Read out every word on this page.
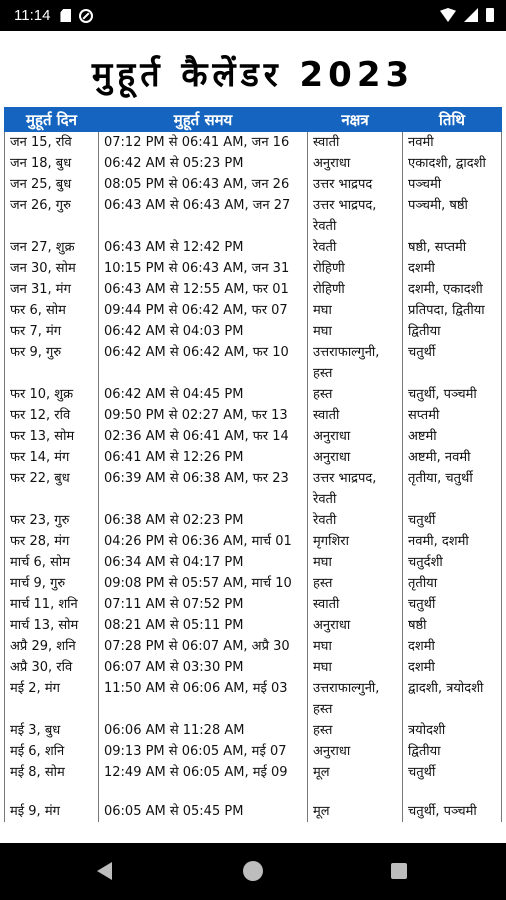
11:14
मुहूर्त कैलेंडर 2023
मुहूर्त दिन	मुहूर्त समय	नक्षत्र	तिथि
जन 15, रवि	07:12 PM से 06:41 AM, जन 16	स्वाती	नवमी
जन 18, बुध	06:42 AM से 05:23 PM	अनुराधा	एकादशी, द्वादशी
जन 25, बुध	08:05 PM से 06:43 AM, जन 26	उत्तर भाद्रपद	पञ्चमी
जन 26, गुरु	06:43 AM से 06:43 AM, जन 27	उत्तर भाद्रपद, रेवती	पञ्चमी, षष्ठी
जन 27, शुक्र	06:43 AM से 12:42 PM	रेवती	षष्ठी, सप्तमी
जन 30, सोम	10:15 PM से 06:43 AM, जन 31	रोहिणी	दशमी
जन 31, मंग	06:43 AM से 12:55 AM, फर 01	रोहिणी	दशमी, एकादशी
फर 6, सोम	09:44 PM से 06:42 AM, फर 07	मघा	प्रतिपदा, द्वितीया
फर 7, मंग	06:42 AM से 04:03 PM	मघा	द्वितीया
फर 9, गुरु	06:42 AM से 06:42 AM, फर 10	उत्तराफाल्गुनी, हस्त	चतुर्थी
फर 10, शुक्र	06:42 AM से 04:45 PM	हस्त	चतुर्थी, पञ्चमी
फर 12, रवि	09:50 PM से 02:27 AM, फर 13	स्वाती	सप्तमी
फर 13, सोम	02:36 AM से 06:41 AM, फर 14	अनुराधा	अष्टमी
फर 14, मंग	06:41 AM से 12:26 PM	अनुराधा	अष्टमी, नवमी
फर 22, बुध	06:39 AM से 06:38 AM, फर 23	उत्तर भाद्रपद, रेवती	तृतीया, चतुर्थी
फर 23, गुरु	06:38 AM से 02:23 PM	रेवती	चतुर्थी
फर 28, मंग	04:26 PM से 06:36 AM, मार्च 01	मृगशिरा	नवमी, दशमी
मार्च 6, सोम	06:34 AM से 04:17 PM	मघा	चतुर्दशी
मार्च 9, गुरु	09:08 PM से 05:57 AM, मार्च 10	हस्त	तृतीया
मार्च 11, शनि	07:11 AM से 07:52 PM	स्वाती	चतुर्थी
मार्च 13, सोम	08:21 AM से 05:11 PM	अनुराधा	षष्ठी
अप्रै 29, शनि	07:28 PM से 06:07 AM, अप्रै 30	मघा	दशमी
अप्रै 30, रवि	06:07 AM से 03:30 PM	मघा	दशमी
मई 2, मंग	11:50 AM से 06:06 AM, मई 03	उत्तराफाल्गुनी, हस्त	द्वादशी, त्रयोदशी
मई 3, बुध	06:06 AM से 11:28 AM	हस्त	त्रयोदशी
मई 6, शनि	09:13 PM से 06:05 AM, मई 07	अनुराधा	द्वितीया
मई 8, सोम	12:49 AM से 06:05 AM, मई 09	मूल	चतुर्थी

मई 9, मंग	06:05 AM से 05:45 PM	मूल	चतुर्थी, पञ्चमी
